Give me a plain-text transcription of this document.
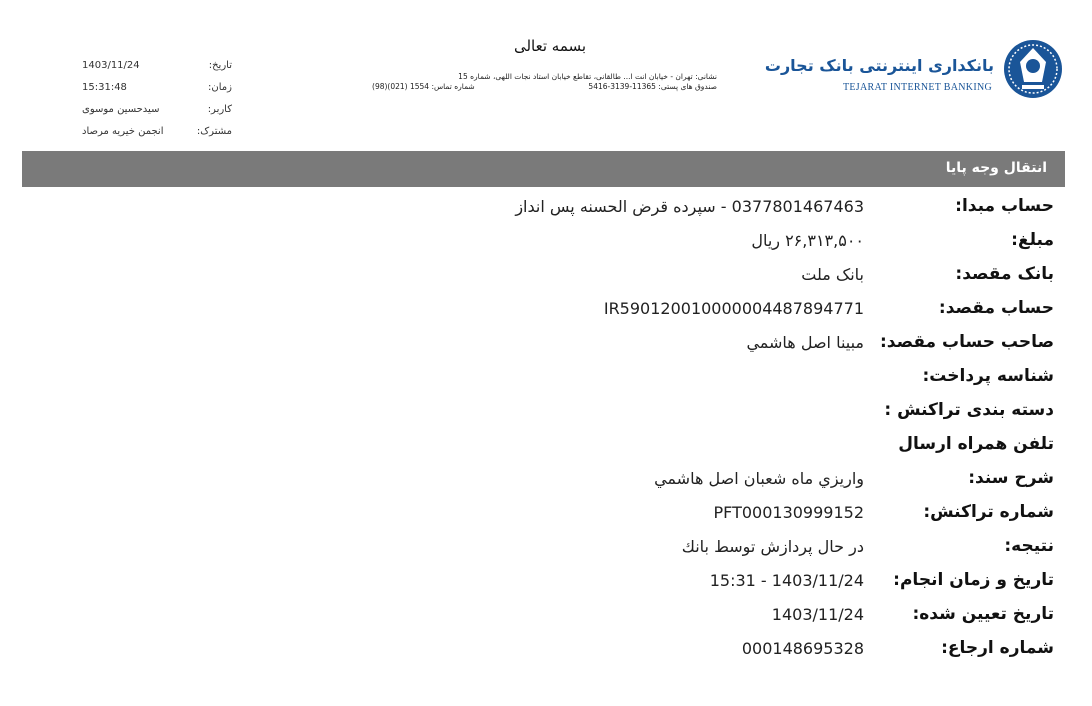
بسمه تعالی
نشانی: تهران - خیابان انت ا... طالقانی، تقاطع خیابان استاد نجات اللهی، شماره 15
صندوق های پستی: 11365-3139-5416
شماره تماس: 1554 (021)(98)
بانکداری اینترنتی بانک تجارت
TEJARAT INTERNET BANKING
تاریخ:
1403/11/24
زمان:
15:31:48
کاربر:
سیدحسین موسوی
مشترک:
انجمن خیریه مرصاد
انتقال وجه پایا
حساب مبدا:
0377801467463 - سپرده قرض الحسنه پس انداز
مبلغ:
۲۶,۳۱۳,۵۰۰ ریال
بانک مقصد:
بانک ملت
حساب مقصد:
IR590120010000004487894771
صاحب حساب مقصد:
مبینا اصل هاشمي
شناسه پرداخت:
دسته بندی تراکنش :
تلفن همراه ارسال
شرح سند:
واريزي ماه شعبان اصل هاشمي
شماره تراکنش:
PFT000130999152
نتیجه:
در حال پردازش توسط بانك
تاریخ و زمان انجام:
1403/11/24 - 15:31
تاریخ تعیین شده:
1403/11/24
شماره ارجاع:
000148695328
